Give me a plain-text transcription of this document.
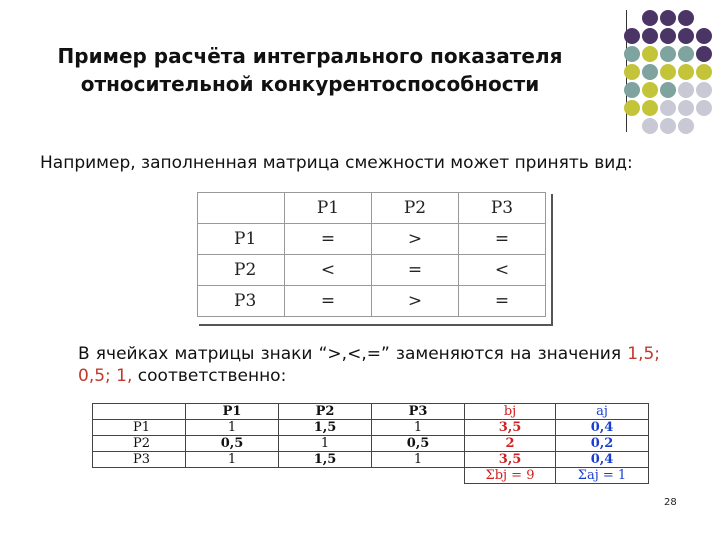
Пример расчёта интегрального показателя
относительной конкурентоспособности
Например, заполненная матрица смежности может принять вид:
	P1	P2	P3
P1	=	>	=
P2	<	=	<
P3	=	>	=
В ячейках матрицы знаки “>,<,=” заменяются на значения 1,5; 0,5; 1, соответственно:
	P1	P2	P3	bj	aj
P1	1	1,5	1	3,5	0,4
P2	0,5	1	0,5	2	0,2
P3	1	1,5	1	3,5	0,4
				Σbj = 9	Σaj = 1
28
